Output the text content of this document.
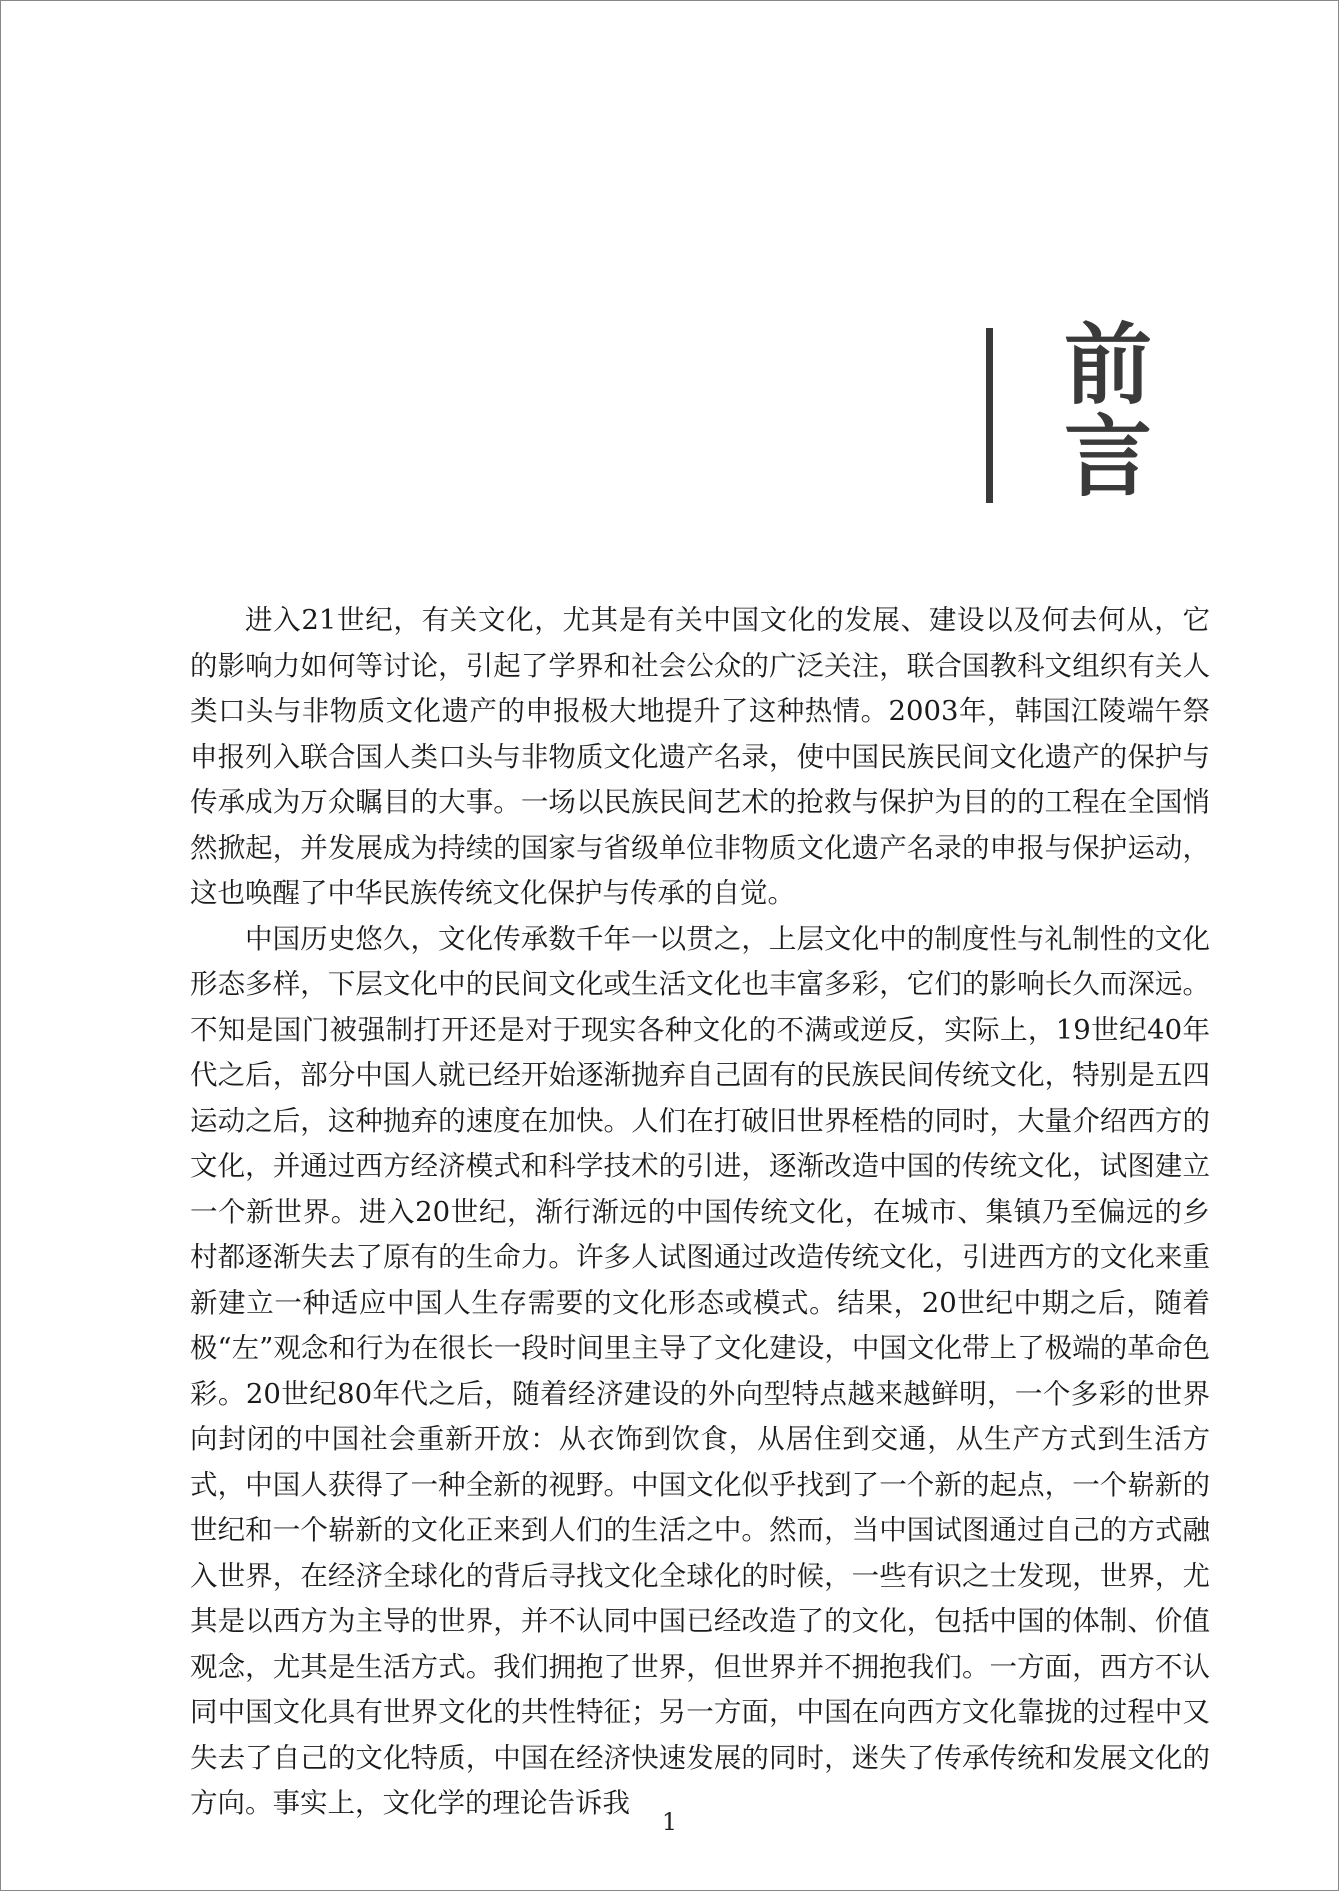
前言

进入21世纪，有关文化，尤其是有关中国文化的发展、建设以及何去何从，它的影响力如何等讨论，引起了学界和社会公众的广泛关注，联合国教科文组织有关人类口头与非物质文化遗产的申报极大地提升了这种热情。2003年，韩国江陵端午祭申报列入联合国人类口头与非物质文化遗产名录，使中国民族民间文化遗产的保护与传承成为万众瞩目的大事。一场以民族民间艺术的抢救与保护为目的的工程在全国悄然掀起，并发展成为持续的国家与省级单位非物质文化遗产名录的申报与保护运动，这也唤醒了中华民族传统文化保护与传承的自觉。

中国历史悠久，文化传承数千年一以贯之，上层文化中的制度性与礼制性的文化形态多样，下层文化中的民间文化或生活文化也丰富多彩，它们的影响长久而深远。不知是国门被强制打开还是对于现实各种文化的不满或逆反，实际上，19世纪40年代之后，部分中国人就已经开始逐渐抛弃自己固有的民族民间传统文化，特别是五四运动之后，这种抛弃的速度在加快。人们在打破旧世界桎梏的同时，大量介绍西方的文化，并通过西方经济模式和科学技术的引进，逐渐改造中国的传统文化，试图建立一个新世界。进入20世纪，渐行渐远的中国传统文化，在城市、集镇乃至偏远的乡村都逐渐失去了原有的生命力。许多人试图通过改造传统文化，引进西方的文化来重新建立一种适应中国人生存需要的文化形态或模式。结果，20世纪中期之后，随着极“左”观念和行为在很长一段时间里主导了文化建设，中国文化带上了极端的革命色彩。20世纪80年代之后，随着经济建设的外向型特点越来越鲜明，一个多彩的世界向封闭的中国社会重新开放：从衣饰到饮食，从居住到交通，从生产方式到生活方式，中国人获得了一种全新的视野。中国文化似乎找到了一个新的起点，一个崭新的世纪和一个崭新的文化正来到人们的生活之中。然而，当中国试图通过自己的方式融入世界，在经济全球化的背后寻找文化全球化的时候，一些有识之士发现，世界，尤其是以西方为主导的世界，并不认同中国已经改造了的文化，包括中国的体制、价值观念，尤其是生活方式。我们拥抱了世界，但世界并不拥抱我们。一方面，西方不认同中国文化具有世界文化的共性特征；另一方面，中国在向西方文化靠拢的过程中又失去了自己的文化特质，中国在经济快速发展的同时，迷失了传承传统和发展文化的方向。事实上，文化学的理论告诉我

1
